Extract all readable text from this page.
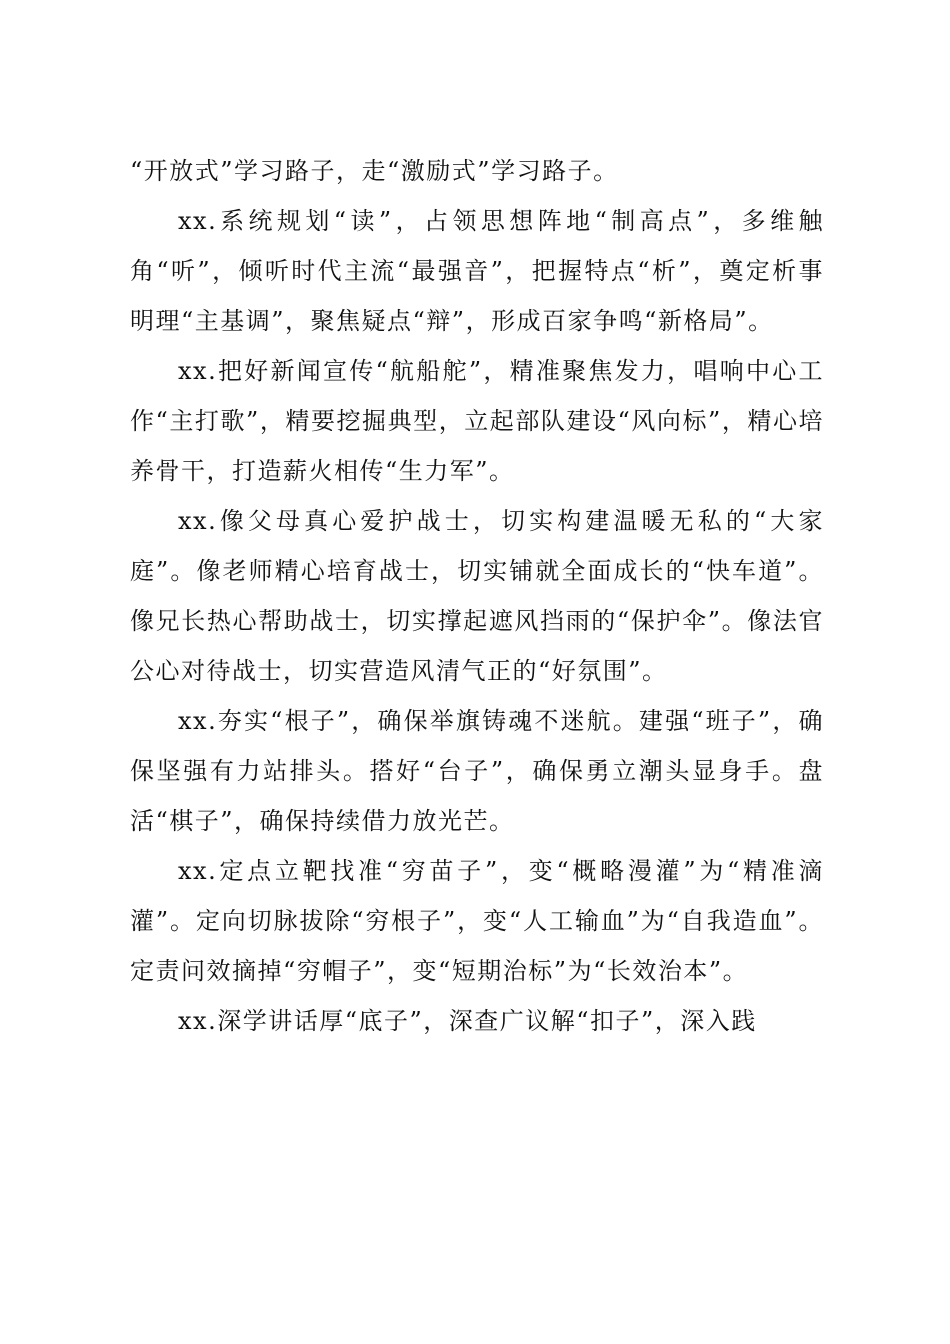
“开放式”学习路子，走“激励式”学习路子。

xx.系统规划“读”，占领思想阵地“制高点”，多维触角“听”，倾听时代主流“最强音”，把握特点“析”，奠定析事明理“主基调”，聚焦疑点“辩”，形成百家争鸣“新格局”。

xx.把好新闻宣传“航船舵”，精准聚焦发力，唱响中心工作“主打歌”，精要挖掘典型，立起部队建设“风向标”，精心培养骨干，打造薪火相传“生力军”。

xx.像父母真心爱护战士，切实构建温暖无私的“大家庭”。像老师精心培育战士，切实铺就全面成长的“快车道”。像兄长热心帮助战士，切实撑起遮风挡雨的“保护伞”。像法官公心对待战士，切实营造风清气正的“好氛围”。

xx.夯实“根子”，确保举旗铸魂不迷航。建强“班子”，确保坚强有力站排头。搭好“台子”，确保勇立潮头显身手。盘活“棋子”，确保持续借力放光芒。

xx.定点立靶找准“穷苗子”，变“概略漫灌”为“精准滴灌”。定向切脉拔除“穷根子”，变“人工输血”为“自我造血”。定责问效摘掉“穷帽子”，变“短期治标”为“长效治本”。

xx.深学讲话厚“底子”，深查广议解“扣子”，深入践
